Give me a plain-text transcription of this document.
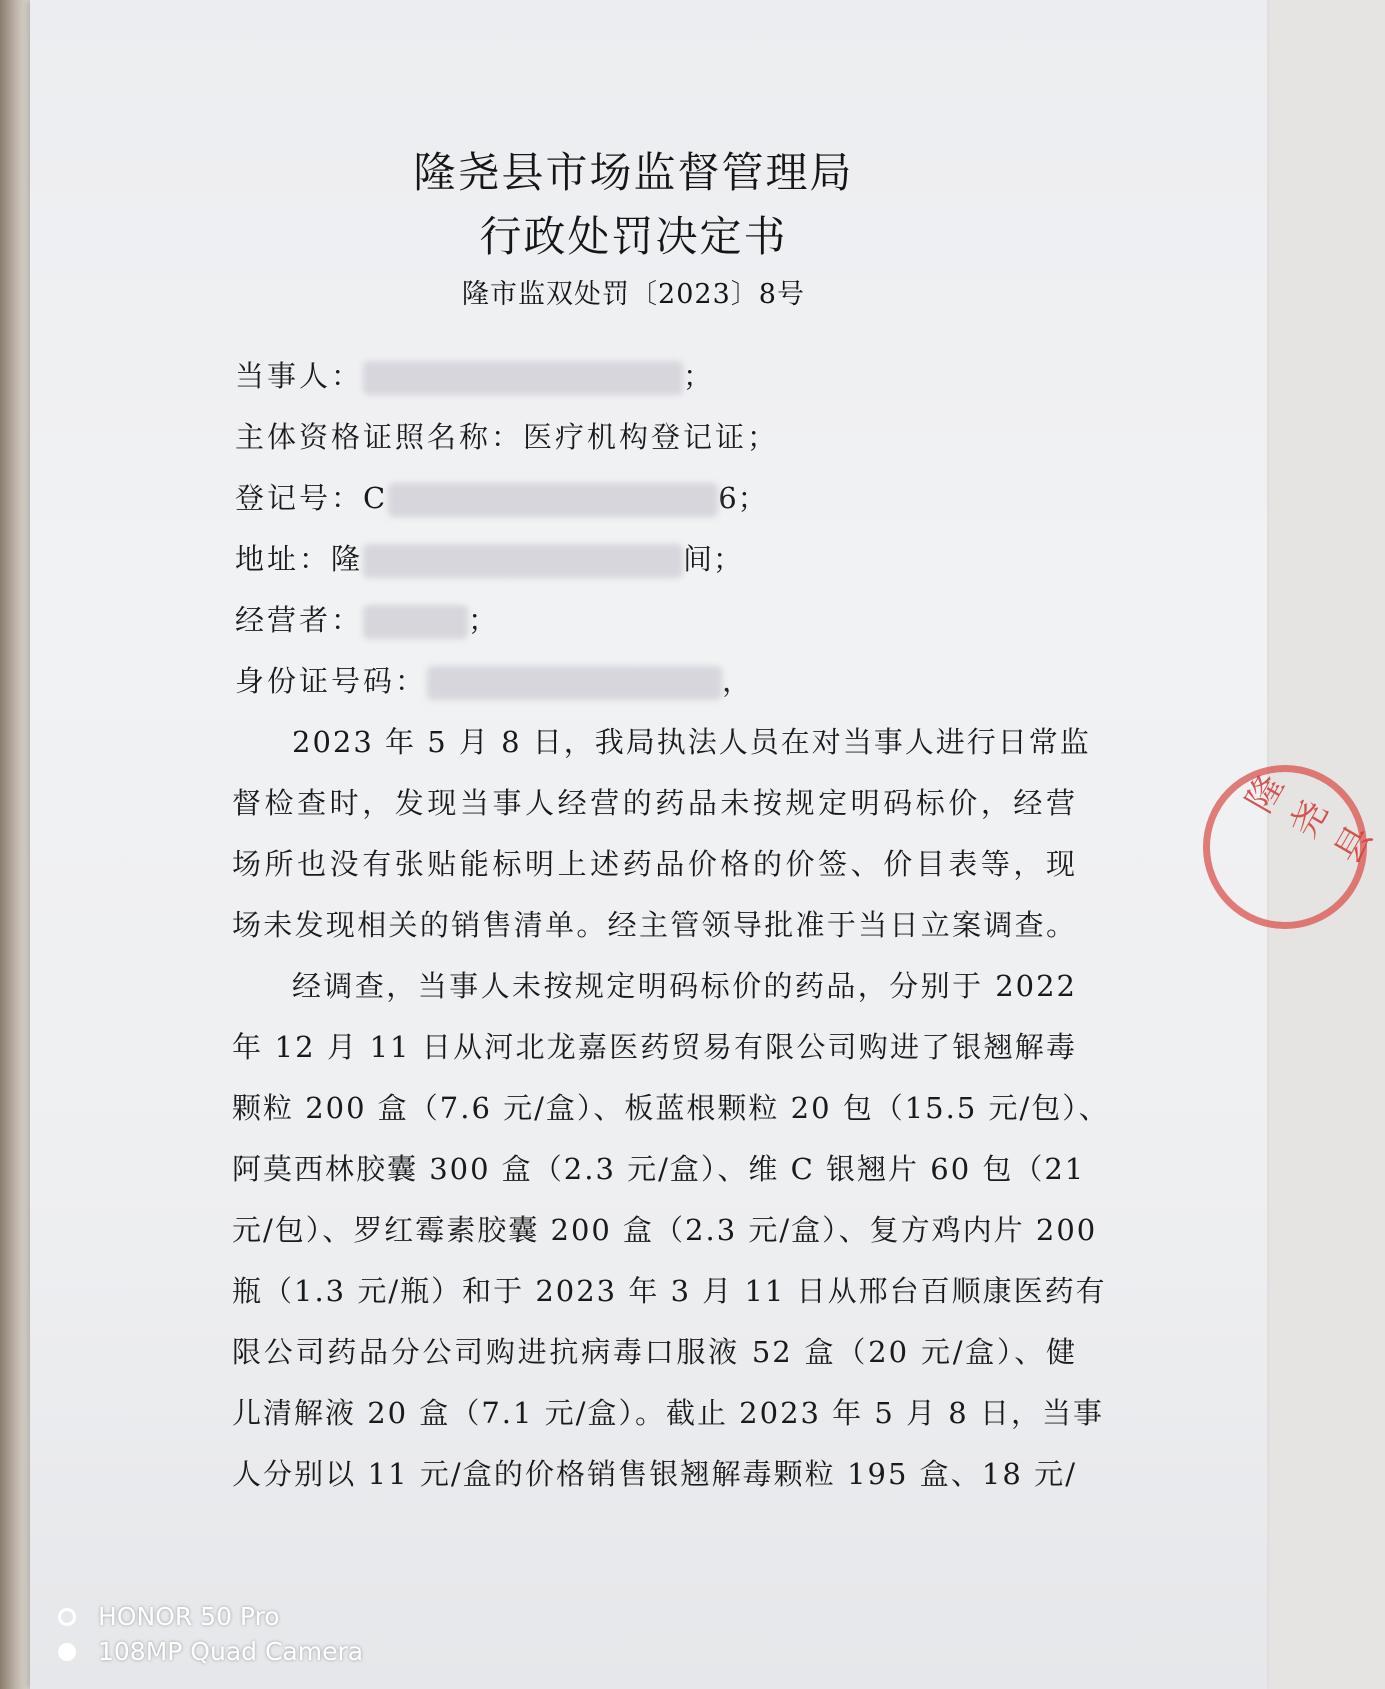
隆尧县市场监督管理局
行政处罚决定书
隆市监双处罚〔2023〕8号
当事人：	；
主体资格证照名称：医疗机构登记证；
登记号：C	6；
地址：隆	间；
经营者：	；
身份证号码：	，
2023 年 5 月 8 日，我局执法人员在对当事人进行日常监
督检查时，发现当事人经营的药品未按规定明码标价，经营
场所也没有张贴能标明上述药品价格的价签、价目表等，现
场未发现相关的销售清单。经主管领导批准于当日立案调查。
经调查，当事人未按规定明码标价的药品，分别于 2022
年 12 月 11 日从河北龙嘉医药贸易有限公司购进了银翘解毒
颗粒 200 盒（7.6 元/盒）、板蓝根颗粒 20 包（15.5 元/包）、
阿莫西林胶囊 300 盒（2.3 元/盒）、维 C 银翘片 60 包（21
元/包）、罗红霉素胶囊 200 盒（2.3 元/盒）、复方鸡内片 200
瓶（1.3 元/瓶）和于 2023 年 3 月 11 日从邢台百顺康医药有
限公司药品分公司购进抗病毒口服液 52 盒（20 元/盒）、健
儿清解液 20 盒（7.1 元/盒）。截止 2023 年 5 月 8 日，当事
人分别以 11 元/盒的价格销售银翘解毒颗粒 195 盒、18 元/
隆尧县
HONOR 50 Pro
108MP Quad Camera
